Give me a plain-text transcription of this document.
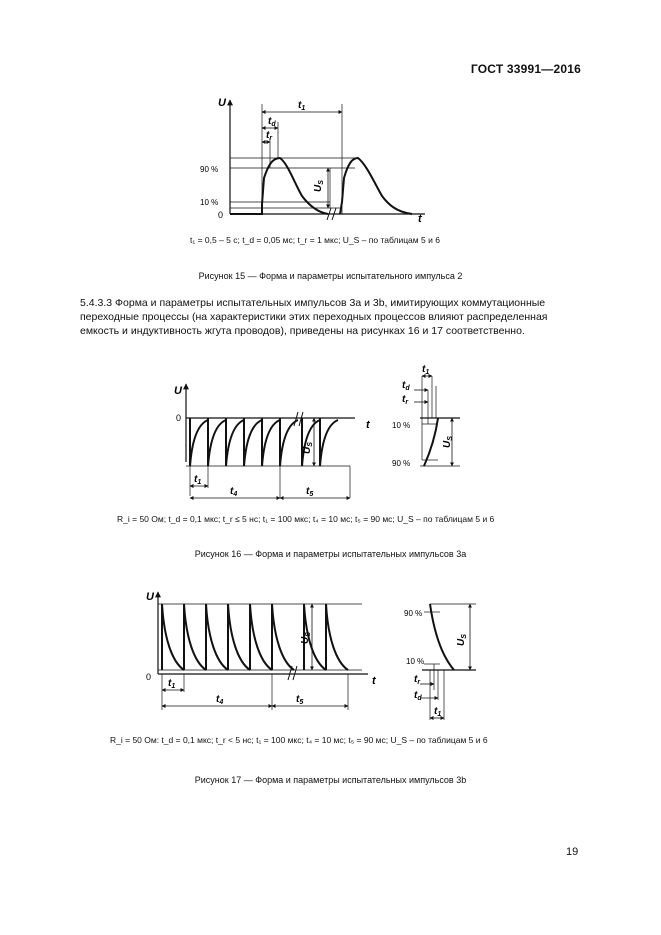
ГОСТ 33991—2016
U
t
0
90 %
10 %
$t_1$
$t_d$
$t_r$
$U_S$
t₁ = 0,5 – 5 с; t_d = 0,05 мс; t_r = 1 мкс; U_S – по таблицам 5 и 6
Рисунок 15 — Форма и параметры испытательного импульса 2
5.4.3.3 Форма и параметры испытательных импульсов 3а и 3b, имитирующих коммутационные переходные процессы (на характеристики этих переходных процессов влияют распределенная емкость и индуктивность жгута проводов), приведены на рисунках 16 и 17 соответственно.
U
0
t
$U_S$
$t_1$
$t_4$	$t_5$
10 %
90 %
$U_S$
$t_1$
$t_d$
$t_r$
R_i = 50 Ом; t_d = 0,1 мкс; t_r ≤ 5 нс; t₁ = 100 мкс; t₄ = 10 мс; t₅ = 90 мс; U_S – по таблицам 5 и 6
Рисунок 16 — Форма и параметры испытательных импульсов 3а
U
0	t
$U_S$
$t_1$
$t_4$	$t_5$
90 %
10 %
$U_S$
$t_r$
$t_d$
$t_1$
R_i = 50 Ом: t_d = 0,1 мкс; t_r < 5 нс; t₁ = 100 мкс; t₄ = 10 мс; t₅ = 90 мс; U_S – по таблицам 5 и 6
Рисунок 17 — Форма и параметры испытательных импульсов 3b
19
